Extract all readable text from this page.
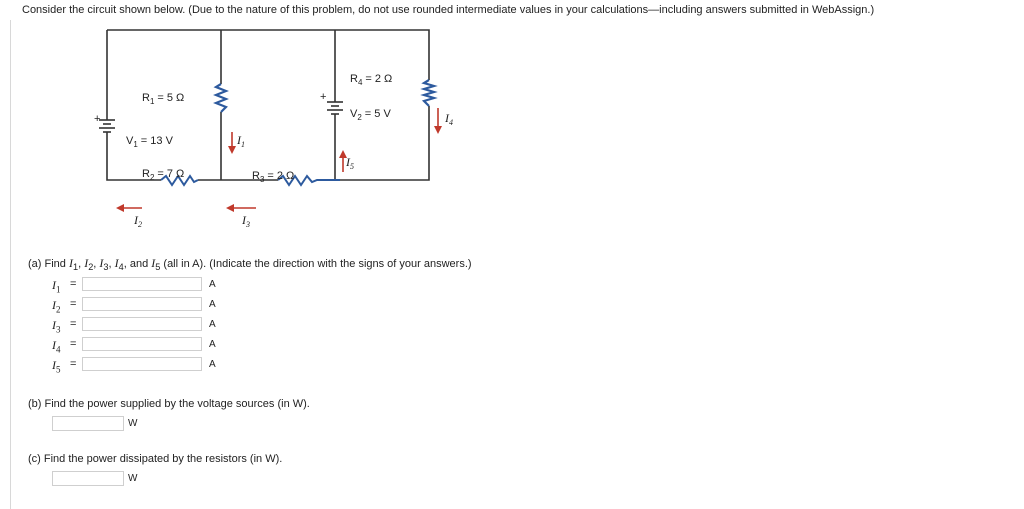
Consider the circuit shown below. (Due to the nature of this problem, do not use rounded intermediate values in your calculations—including answers submitted in WebAssign.)
+
+
$R_1 = 5$ Ω
$R_2 = 7$ Ω	$R_3 = 2$ Ω
$R_4 = 2$ Ω
$V_1 = 13$ V
$V_2 = 5$ V
$I_1$
$I_4$
$I_5$
$I_2$	$I_3$
(a) Find $I_1$, $I_2$, $I_3$, $I_4$, and $I_5$ (all in A). (Indicate the direction with the signs of your answers.)
$I_1$ =	A
$I_2$ =	A
$I_3$ =	A
$I_4$ =	A
$I_5$ =	A
(b) Find the power supplied by the voltage sources (in W).
W
(c) Find the power dissipated by the resistors (in W).
W
